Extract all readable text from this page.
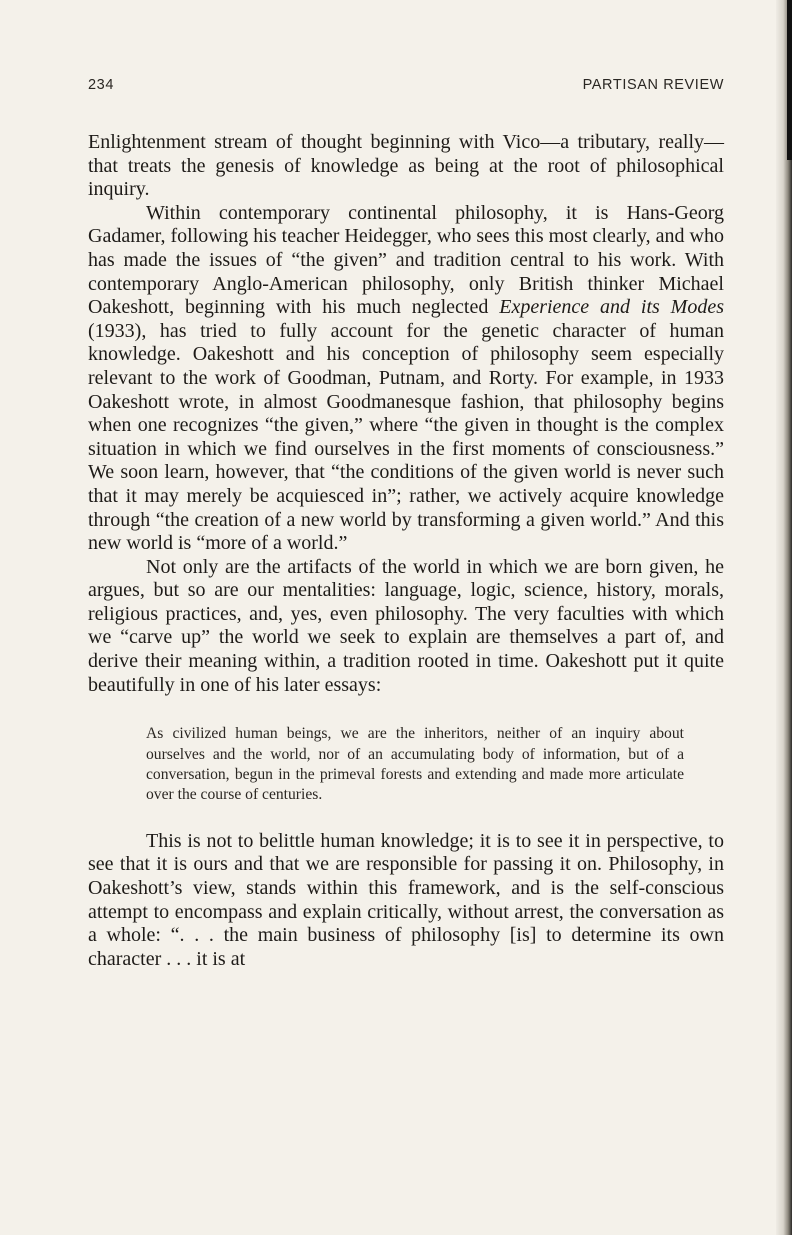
234	PARTISAN REVIEW

Enlightenment stream of thought beginning with Vico—a tributary, really—that treats the genesis of knowledge as being at the root of philosophical inquiry.

Within contemporary continental philosophy, it is Hans-Georg Gadamer, following his teacher Heidegger, who sees this most clearly, and who has made the issues of “the given” and tradition central to his work. With contemporary Anglo-American philosophy, only British thinker Michael Oakeshott, beginning with his much neglected Experience and its Modes (1933), has tried to fully account for the genetic character of human knowledge. Oakeshott and his conception of philosophy seem especially relevant to the work of Goodman, Putnam, and Rorty. For example, in 1933 Oakeshott wrote, in almost Goodmanesque fashion, that philosophy begins when one recognizes “the given,” where “the given in thought is the complex situation in which we find ourselves in the first moments of consciousness.” We soon learn, however, that “the conditions of the given world is never such that it may merely be acquiesced in”; rather, we actively acquire knowledge through “the creation of a new world by transforming a given world.” And this new world is “more of a world.”

Not only are the artifacts of the world in which we are born given, he argues, but so are our mentalities: language, logic, science, history, morals, religious practices, and, yes, even philosophy. The very faculties with which we “carve up” the world we seek to explain are themselves a part of, and derive their meaning within, a tradition rooted in time. Oakeshott put it quite beautifully in one of his later essays:

As civilized human beings, we are the inheritors, neither of an inquiry about ourselves and the world, nor of an accumulating body of information, but of a conversation, begun in the primeval forests and extending and made more articulate over the course of centuries.

This is not to belittle human knowledge; it is to see it in perspective, to see that it is ours and that we are responsible for passing it on. Philosophy, in Oakeshott’s view, stands within this framework, and is the self-conscious attempt to encompass and explain critically, without arrest, the conversation as a whole: “. . . the main business of philosophy [is] to determine its own character . . . it is at
